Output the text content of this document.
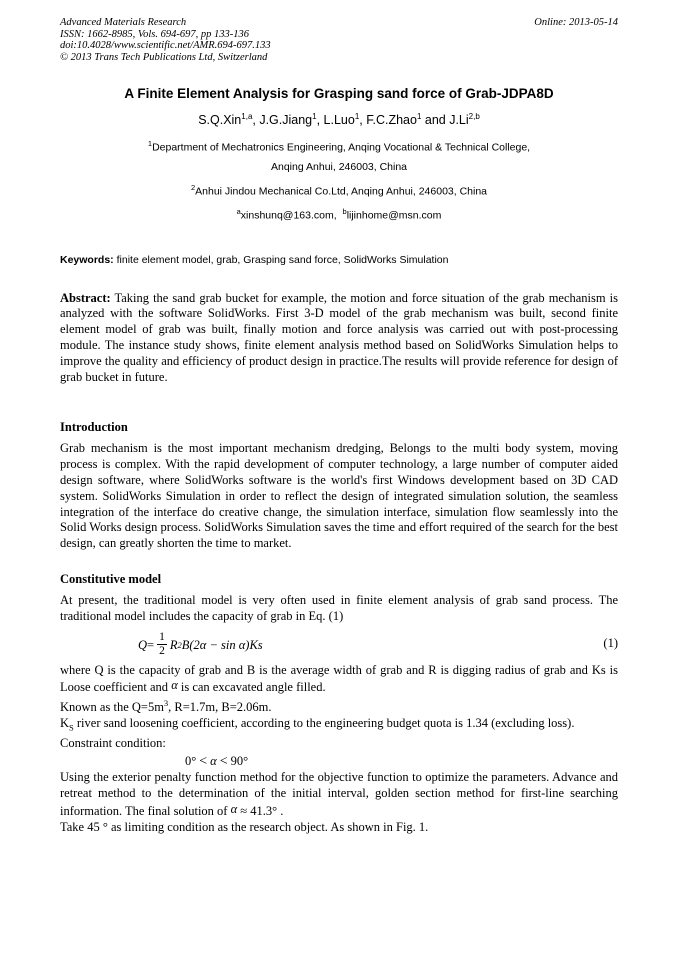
Advanced Materials Research
ISSN: 1662-8985, Vols. 694-697, pp 133-136
doi:10.4028/www.scientific.net/AMR.694-697.133
© 2013 Trans Tech Publications Ltd, Switzerland
Online: 2013-05-14
A Finite Element Analysis for Grasping sand force of Grab-JDPA8D
S.Q.Xin$^{1,a}$, J.G.Jiang$^1$, L.Luo$^1$, F.C.Zhao$^1$ and J.Li$^{2,b}$
$^1$Department of Mechatronics Engineering, Anqing Vocational & Technical College,
Anqing Anhui, 246003, China
$^2$Anhui Jindou Mechanical Co.Ltd, Anqing Anhui, 246003, China
$^a$xinshunq@163.com, $^b$lijinhome@msn.com
Keywords: finite element model, grab, Grasping sand force, SolidWorks Simulation

Abstract: Taking the sand grab bucket for example, the motion and force situation of the grab mechanism is analyzed with the software SolidWorks. First 3-D model of the grab mechanism was built, second finite element model of grab was built, finally motion and force analysis was carried out with post-processing module. The instance study shows, finite element analysis method based on SolidWorks Simulation helps to improve the quality and efficiency of product design in practice.The results will provide reference for design of grab bucket in future.

Introduction

Grab mechanism is the most important mechanism dredging, Belongs to the multi body system, moving process is complex. With the rapid development of computer technology, a large number of computer aided design software, where SolidWorks software is the world's first Windows development based on 3D CAD system. SolidWorks Simulation in order to reflect the design of integrated simulation solution, the seamless integration of the interface do creative change, the simulation interface, simulation flow seamlessly into the Solid Works design process. SolidWorks Simulation saves the time and effort required of the search for the best design, can greatly shorten the time to market.

Constitutive model

At present, the traditional model is very often used in finite element analysis of grab sand process. The traditional model includes the capacity of grab in Eq. (1)

$Q = \frac{1}{2}$ R 2 B(2α − sin α)Ks	(1)

where Q is the capacity of grab and B is the average width of grab and R is digging radius of grab and Ks is Loose coefficient and α is can excavated angle filled.

Known as the $Q=5m^3$, R=1.7m, B=2.06m.

$K_S$ river sand loosening coefficient, according to the engineering budget quota is 1.34 (excluding loss).

Constraint condition:

0° < α < 90°

Using the exterior penalty function method for the objective function to optimize the parameters. Advance and retreat method to the determination of the initial interval, golden section method for first-line searching information. The final solution of α ≈ 41.3° .

Take 45 ° as limiting condition as the research object. As shown in Fig. 1.
